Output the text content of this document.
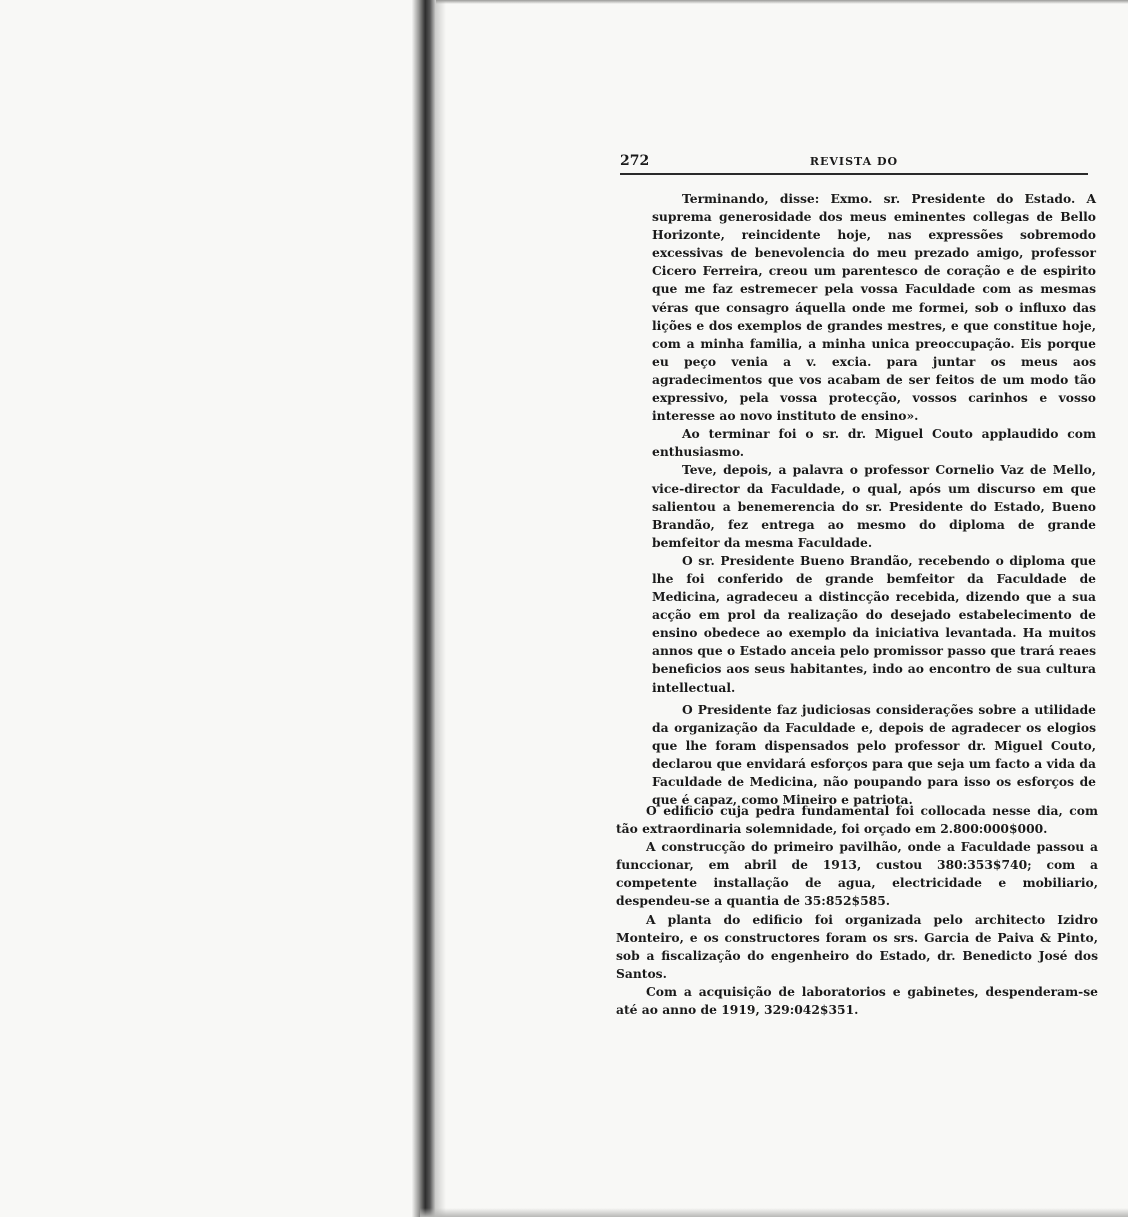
272	REVISTA DO

Terminando, disse: Exmo. sr. Presidente do Estado. A suprema generosidade dos meus eminentes collegas de Bello Horizonte, reincidente hoje, nas expressões sobremodo excessivas de benevolencia do meu prezado amigo, professor Cicero Ferreira, creou um parentesco de coração e de espirito que me faz estremecer pela vossa Faculdade com as mesmas véras que consagro áquella onde me formei, sob o influxo das lições e dos exemplos de grandes mestres, e que constitue hoje, com a minha familia, a minha unica preoccupação. Eis porque eu peço venia a v. excia. para juntar os meus aos agradecimentos que vos acabam de ser feitos de um modo tão expressivo, pela vossa protecção, vossos carinhos e vosso interesse ao novo instituto de ensino».

Ao terminar foi o sr. dr. Miguel Couto applaudido com enthusiasmo.

Teve, depois, a palavra o professor Cornelio Vaz de Mello, vice-director da Faculdade, o qual, após um discurso em que salientou a benemerencia do sr. Presidente do Estado, Bueno Brandão, fez entrega ao mesmo do diploma de grande bemfeitor da mesma Faculdade.

O sr. Presidente Bueno Brandão, recebendo o diploma que lhe foi conferido de grande bemfeitor da Faculdade de Medicina, agradeceu a distincção recebida, dizendo que a sua acção em prol da realização do desejado estabelecimento de ensino obedece ao exemplo da iniciativa levantada. Ha muitos annos que o Estado anceia pelo promissor passo que trará reaes beneficios aos seus habitantes, indo ao encontro de sua cultura intellectual.

O Presidente faz judiciosas considerações sobre a utilidade da organização da Faculdade e, depois de agradecer os elogios que lhe foram dispensados pelo professor dr. Miguel Couto, declarou que envidará esforços para que seja um facto a vida da Faculdade de Medicina, não poupando para isso os esforços de que é capaz, como Mineiro e patriota.

O edificio cuja pedra fundamental foi collocada nesse dia, com tão extraordinaria solemnidade, foi orçado em 2.800:000$000.

A construcção do primeiro pavilhão, onde a Faculdade passou a funccionar, em abril de 1913, custou 380:353$740; com a competente installação de agua, electricidade e mobiliario, despendeu-se a quantia de 35:852$585.

A planta do edificio foi organizada pelo architecto Izidro Monteiro, e os constructores foram os srs. Garcia de Paiva & Pinto, sob a fiscalização do engenheiro do Estado, dr. Benedicto José dos Santos.

Com a acquisição de laboratorios e gabinetes, despenderam-se até ao anno de 1919, 329:042$351.
